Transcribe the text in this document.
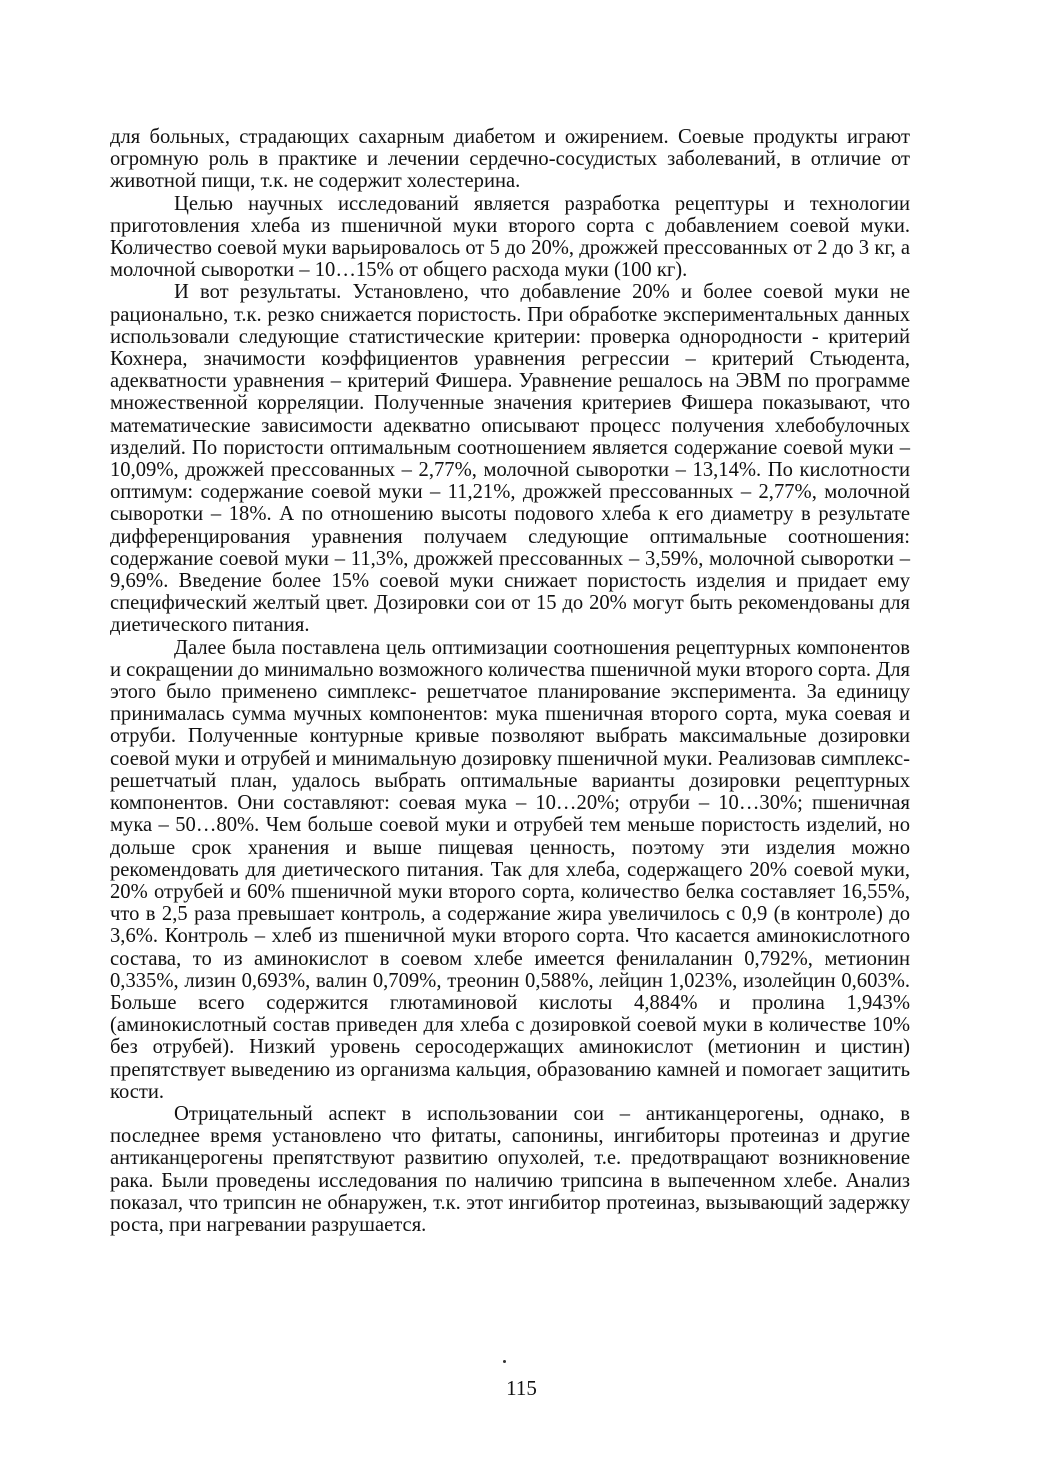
для больных, страдающих сахарным диабетом и ожирением. Соевые продукты играют огромную роль в практике и лечении сердечно-сосудистых заболеваний, в отличие от животной пищи, т.к. не содержит холестерина.

Целью научных исследований является разработка рецептуры и технологии приготовления хлеба из пшеничной муки второго сорта с добавлением соевой муки. Количество соевой муки варьировалось от 5 до 20%, дрожжей прессованных от 2 до 3 кг, а молочной сыворотки – 10…15% от общего расхода муки (100 кг).

И вот результаты. Установлено, что добавление 20% и более соевой муки не рационально, т.к. резко снижается пористость. При обработке экспериментальных данных использовали следующие статистические критерии: проверка однородности - критерий Кохнера, значимости коэффициентов уравнения регрессии – критерий Стьюдента, адекватности уравнения – критерий Фишера. Уравнение решалось на ЭВМ по программе множественной корреляции. Полученные значения критериев Фишера показывают, что математические зависимости адекватно описывают процесс получения хлебобулочных изделий. По пористости оптимальным соотношением является содержание соевой муки – 10,09%, дрожжей прессованных – 2,77%, молочной сыворотки – 13,14%. По кислотности оптимум: содержание соевой муки – 11,21%, дрожжей прессованных – 2,77%, молочной сыворотки – 18%. А по отношению высоты подового хлеба к его диаметру в результате дифференцирования уравнения получаем следующие оптимальные соотношения: содержание соевой муки – 11,3%, дрожжей прессованных – 3,59%, молочной сыворотки – 9,69%. Введение более 15% соевой муки снижает пористость изделия и придает ему специфический желтый цвет. Дозировки сои от 15 до 20% могут быть рекомендованы для диетического питания.

Далее была поставлена цель оптимизации соотношения рецептурных компонентов и сокращении до минимально возможного количества пшеничной муки второго сорта. Для этого было применено симплекс- решетчатое планирование эксперимента. За единицу принималась сумма мучных компонентов: мука пшеничная второго сорта, мука соевая и отруби. Полученные контурные кривые позволяют выбрать максимальные дозировки соевой муки и отрубей и минимальную дозировку пшеничной муки. Реализовав симплекс-решетчатый план, удалось выбрать оптимальные варианты дозировки рецептурных компонентов. Они составляют: соевая мука – 10…20%; отруби – 10…30%; пшеничная мука – 50…80%. Чем больше соевой муки и отрубей тем меньше пористость изделий, но дольше срок хранения и выше пищевая ценность, поэтому эти изделия можно рекомендовать для диетического питания. Так для хлеба, содержащего 20% соевой муки, 20% отрубей и 60% пшеничной муки второго сорта, количество белка составляет 16,55%, что в 2,5 раза превышает контроль, а содержание жира увеличилось с 0,9 (в контроле) до 3,6%. Контроль – хлеб из пшеничной муки второго сорта. Что касается аминокислотного состава, то из аминокислот в соевом хлебе имеется фенилаланин 0,792%, метионин 0,335%, лизин 0,693%, валин 0,709%, треонин 0,588%, лейцин 1,023%, изолейцин 0,603%. Больше всего содержится глютаминовой кислоты 4,884% и пролина 1,943% (аминокислотный состав приведен для хлеба с дозировкой соевой муки в количестве 10% без отрубей). Низкий уровень серосодержащих аминокислот (метионин и цистин) препятствует выведению из организма кальция, образованию камней и помогает защитить кости.

Отрицательный аспект в использовании сои – антиканцерогены, однако, в последнее время установлено что фитаты, сапонины, ингибиторы протеиназ и другие антиканцерогены препятствуют развитию опухолей, т.е. предотвращают возникновение рака. Были проведены исследования по наличию трипсина в выпеченном хлебе. Анализ показал, что трипсин не обнаружен, т.к. этот ингибитор протеиназ, вызывающий задержку роста, при нагревании разрушается.

115
